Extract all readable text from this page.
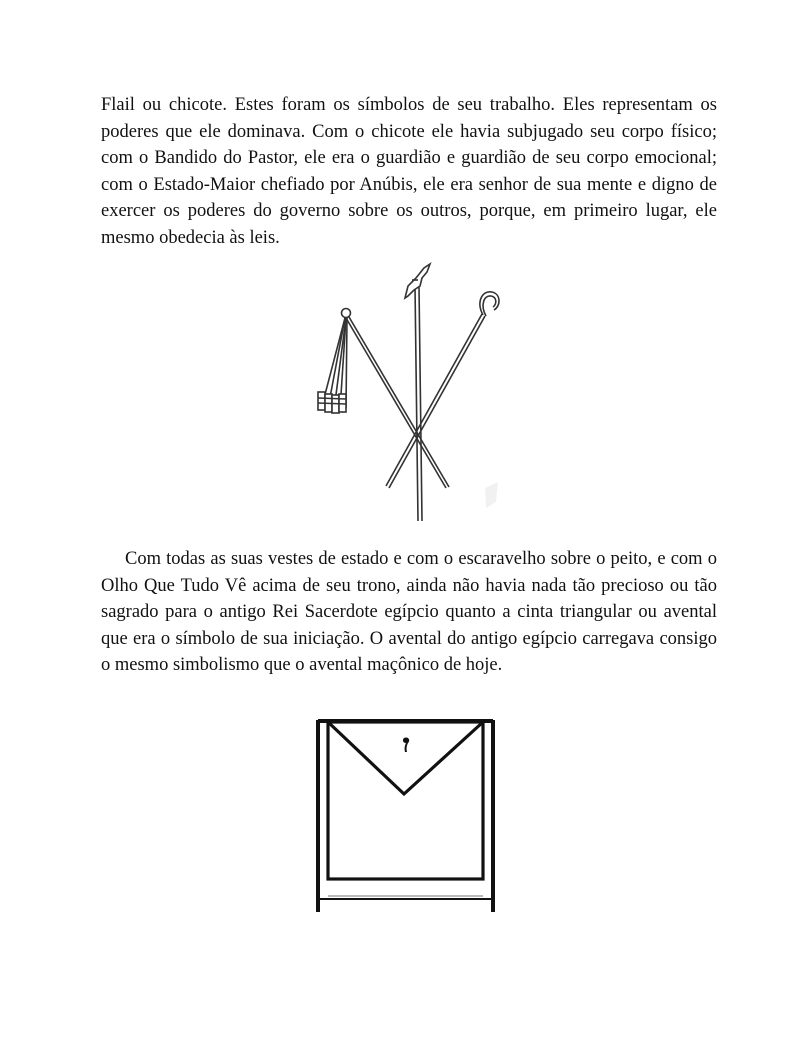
Flail ou chicote. Estes foram os símbolos de seu trabalho. Eles representam os poderes que ele dominava. Com o chicote ele havia subjugado seu corpo físico; com o Bandido do Pastor, ele era o guardião e guardião de seu corpo emocional; com o Estado-Maior chefiado por Anúbis, ele era senhor de sua mente e digno de exercer os poderes do governo sobre os outros, porque, em primeiro lugar, ele mesmo obedecia às leis.

Com todas as suas vestes de estado e com o escaravelho sobre o peito, e com o Olho Que Tudo Vê acima de seu trono, ainda não havia nada tão precioso ou tão sagrado para o antigo Rei Sacerdote egípcio quanto a cinta triangular ou avental que era o símbolo de sua iniciação. O avental do antigo egípcio carregava consigo o mesmo simbolismo que o avental maçônico de hoje.
